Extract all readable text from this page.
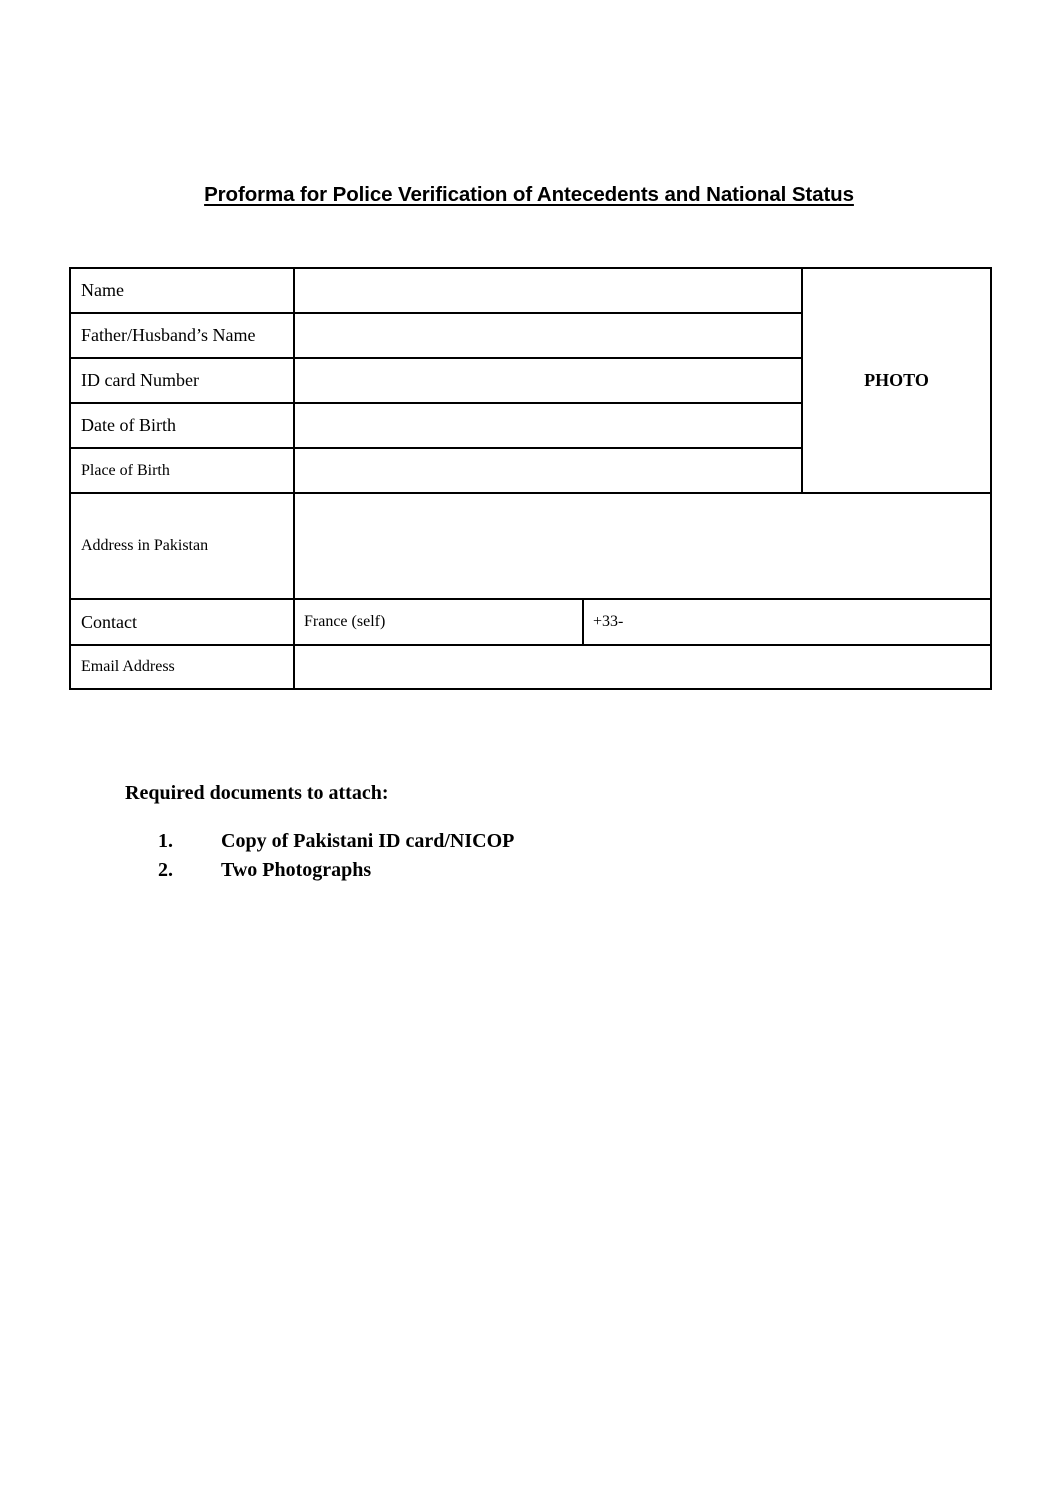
Proforma for Police Verification of Antecedents and National Status
Name			PHOTO
Father/Husband’s Name			
ID card Number			
Date of Birth			
Place of Birth			
Address in Pakistan			
Contact	France (self)	+33-	
Email Address			
Required documents to attach:
1. Copy of Pakistani ID card/NICOP
2. Two Photographs
